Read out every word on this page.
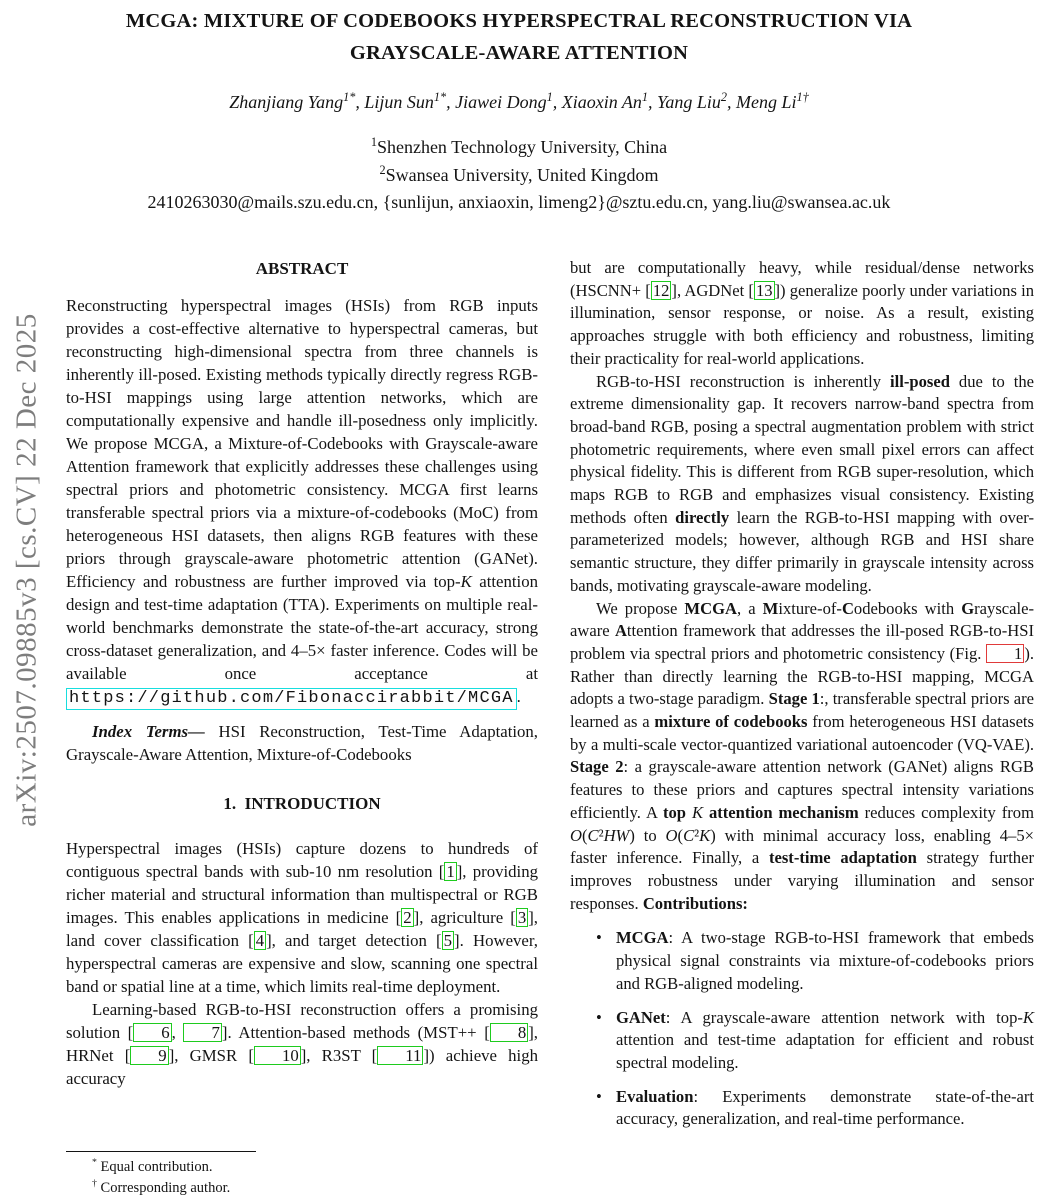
arXiv:2507.09885v3 [cs.CV] 22 Dec 2025
MCGA: MIXTURE OF CODEBOOKS HYPERSPECTRAL RECONSTRUCTION VIA
GRAYSCALE-AWARE ATTENTION
Zhanjiang Yang$^{1*}$, Lijun Sun$^{1*}$, Jiawei Dong$^1$, Xiaoxin An$^1$, Yang Liu$^2$, Meng $Li^{1\dagger}$
$^1$Shenzhen Technology University, China
$^2$Swansea University, United Kingdom
2410263030@mails.szu.edu.cn, {sunlijun, anxiaoxin, limeng2}@sztu.edu.cn, yang.liu@swansea.ac.uk
ABSTRACT

Reconstructing hyperspectral images (HSIs) from RGB inputs provides a cost-effective alternative to hyperspectral cameras, but reconstructing high-dimensional spectra from three channels is inherently ill-posed. Existing methods typically directly regress RGB-to-HSI mappings using large attention networks, which are computationally expensive and handle ill-posedness only implicitly. We propose MCGA, a Mixture-of-Codebooks with Grayscale-aware Attention framework that explicitly addresses these challenges using spectral priors and photometric consistency. MCGA first learns transferable spectral priors via a mixture-of-codebooks (MoC) from heterogeneous HSI datasets, then aligns RGB features with these priors through grayscale-aware photometric attention (GANet). Efficiency and robustness are further improved via top-K attention design and test-time adaptation (TTA). Experiments on multiple real-world benchmarks demonstrate the state-of-the-art accuracy, strong cross-dataset generalization, and 4–5× faster inference. Codes will be available once acceptance at https://github.com/Fibonaccirabbit/MCGA .

Index Terms— HSI Reconstruction, Test-Time Adaptation, Grayscale-Aware Attention, Mixture-of-Codebooks

1.  INTRODUCTION

Hyperspectral images (HSIs) capture dozens to hundreds of contiguous spectral bands with sub-10 nm resolution [ 1 ], providing richer material and structural information than multispectral or RGB images. This enables applications in medicine [ 2 ], agriculture [ 3 ], land cover classification [ 4 ], and target detection [ 5 ]. However, hyperspectral cameras are expensive and slow, scanning one spectral band or spatial line at a time, which limits real-time deployment.

Learning-based RGB-to-HSI reconstruction offers a promising solution [ 6 , 7 ]. Attention-based methods (MST++ [ 8 ], HRNet [ 9 ], GMSR [ 10 ], R3ST [ 11 ]) achieve high accuracy

but are computationally heavy, while residual/dense networks (HSCNN+ [ 12 ], AGDNet [ 13 ]) generalize poorly under variations in illumination, sensor response, or noise. As a result, existing approaches struggle with both efficiency and robustness, limiting their practicality for real-world applications.

RGB-to-HSI reconstruction is inherently ill-posed due to the extreme dimensionality gap. It recovers narrow-band spectra from broad-band RGB, posing a spectral augmentation problem with strict photometric requirements, where even small pixel errors can affect physical fidelity. This is different from RGB super-resolution, which maps RGB to RGB and emphasizes visual consistency. Existing methods often directly learn the RGB-to-HSI mapping with over-parameterized models; however, although RGB and HSI share semantic structure, they differ primarily in grayscale intensity across bands, motivating grayscale-aware modeling.

We propose MCGA, a Mixture-of-Codebooks with Grayscale-aware Attention framework that addresses the ill-posed RGB-to-HSI problem via spectral priors and photometric consistency (Fig. 1 ). Rather than directly learning the RGB-to-HSI mapping, MCGA adopts a two-stage paradigm. Stage 1:, transferable spectral priors are learned as a mixture of codebooks from heterogeneous HSI datasets by a multi-scale vector-quantized variational autoencoder (VQ-VAE). Stage 2: a grayscale-aware attention network (GANet) aligns RGB features to these priors and captures spectral intensity variations efficiently. A top K attention mechanism reduces complexity from O(C²HW) to O(C²K) with minimal accuracy loss, enabling 4–5× faster inference. Finally, a test-time adaptation strategy further improves robustness under varying illumination and sensor responses. Contributions:

• MCGA: A two-stage RGB-to-HSI framework that embeds physical signal constraints via mixture-of-codebooks priors and RGB-aligned modeling.
• GANet: A grayscale-aware attention network with top-K attention and test-time adaptation for efficient and robust spectral modeling.
• Evaluation: Experiments demonstrate state-of-the-art accuracy, generalization, and real-time performance.
* Equal contribution.
† Corresponding author.
